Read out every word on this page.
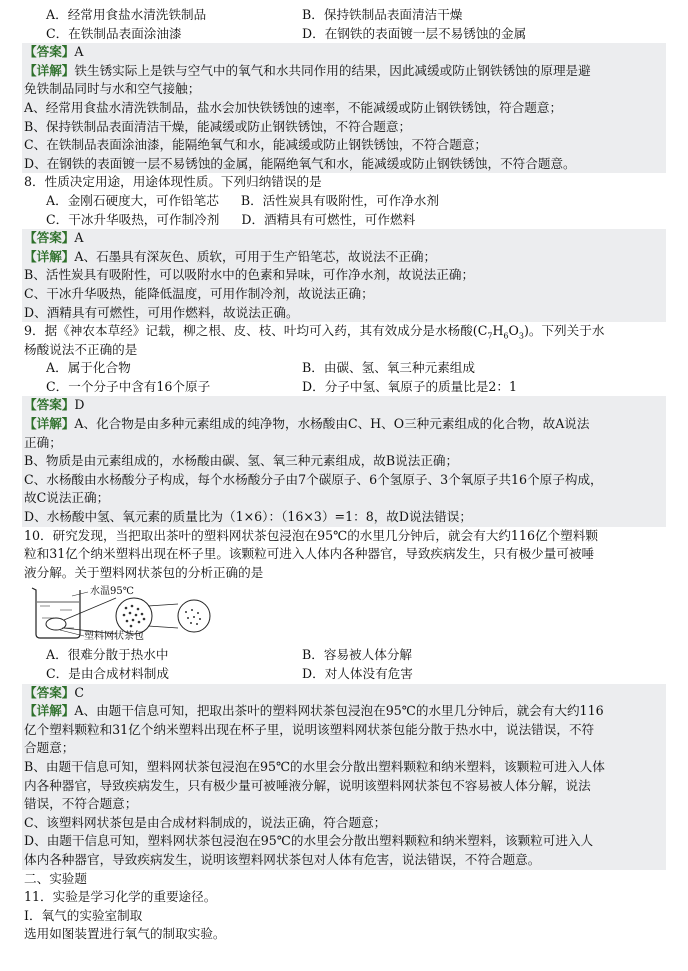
A．经常用食盐水清洗铁制品	B．保持铁制品表面清洁干燥
C．在铁制品表面涂油漆	D．在钢铁的表面镀一层不易锈蚀的金属
【答案】A
【详解】铁生锈实际上是铁与空气中的氧气和水共同作用的结果，因此减缓或防止钢铁锈蚀的原理是避
免铁制品同时与水和空气接触；
A、经常用食盐水清洗铁制品，盐水会加快铁锈蚀的速率，不能减缓或防止钢铁锈蚀，符合题意；
B、保持铁制品表面清洁干燥，能减缓或防止钢铁锈蚀，不符合题意；
C、在铁制品表面涂油漆，能隔绝氧气和水，能减缓或防止钢铁锈蚀，不符合题意；
D、在钢铁的表面镀一层不易锈蚀的金属，能隔绝氧气和水，能减缓或防止钢铁锈蚀，不符合题意。
8．性质决定用途，用途体现性质。下列归纳错误的是
A．金刚石硬度大，可作铅笔芯 B．活性炭具有吸附性，可作净水剂
C．干冰升华吸热，可作制冷剂 D．酒精具有可燃性，可作燃料
【答案】A
【详解】A、石墨具有深灰色、质软，可用于生产铅笔芯，故说法不正确；
B、活性炭具有吸附性，可以吸附水中的色素和异味，可作净水剂，故说法正确；
C、干冰升华吸热，能降低温度，可用作制冷剂，故说法正确；
D、酒精具有可燃性，可用作燃料，故说法正确。
9．据《神农本草经》记载，柳之根、皮、枝、叶均可入药，其有效成分是水杨酸$(C_7H_6O_3)$。下列关于水
杨酸说法不正确的是
A．属于化合物	B．由碳、氢、氧三种元素组成
C．一个分子中含有16个原子	D．分子中氢、氧原子的质量比是2：1
【答案】D
【详解】A、化合物是由多种元素组成的纯净物，水杨酸由C、H、O三种元素组成的化合物，故A说法
正确；
B、物质是由元素组成的，水杨酸由碳、氢、氧三种元素组成，故B说法正确；
C、水杨酸由水杨酸分子构成，每个水杨酸分子由7个碳原子、6个氢原子、3个氧原子共16个原子构成，
故C说法正确；
D、水杨酸中氢、氧元素的质量比为（1×6）：（16×3）=1：8，故D说法错误；
10．研究发现，当把取出茶叶的塑料网状茶包浸泡在95℃的水里几分钟后，就会有大约116亿个塑料颗
粒和31亿个纳米塑料出现在杯子里。该颗粒可进入人体内各种器官，导致疾病发生，只有极少量可被唾
液分解。关于塑料网状茶包的分析正确的是
水温95℃
塑料网状茶包
A．很难分散于热水中	B．容易被人体分解
C．是由合成材料制成	D．对人体没有危害
【答案】C
【详解】A、由题干信息可知，把取出茶叶的塑料网状茶包浸泡在95℃的水里几分钟后，就会有大约116
亿个塑料颗粒和31亿个纳米塑料出现在杯子里，说明该塑料网状茶包能分散于热水中，说法错误，不符
合题意；
B、由题干信息可知，塑料网状茶包浸泡在95℃的水里会分散出塑料颗粒和纳米塑料，该颗粒可进入人体
内各种器官，导致疾病发生，只有极少量可被唾液分解，说明该塑料网状茶包不容易被人体分解，说法
错误，不符合题意；
C、该塑料网状茶包是由合成材料制成的，说法正确，符合题意；
D、由题干信息可知，塑料网状茶包浸泡在95℃的水里会分散出塑料颗粒和纳米塑料，该颗粒可进入人
体内各种器官，导致疾病发生，说明该塑料网状茶包对人体有危害，说法错误，不符合题意。
二、实验题
11．实验是学习化学的重要途径。
Ⅰ．氧气的实验室制取
选用如图装置进行氧气的制取实验。
